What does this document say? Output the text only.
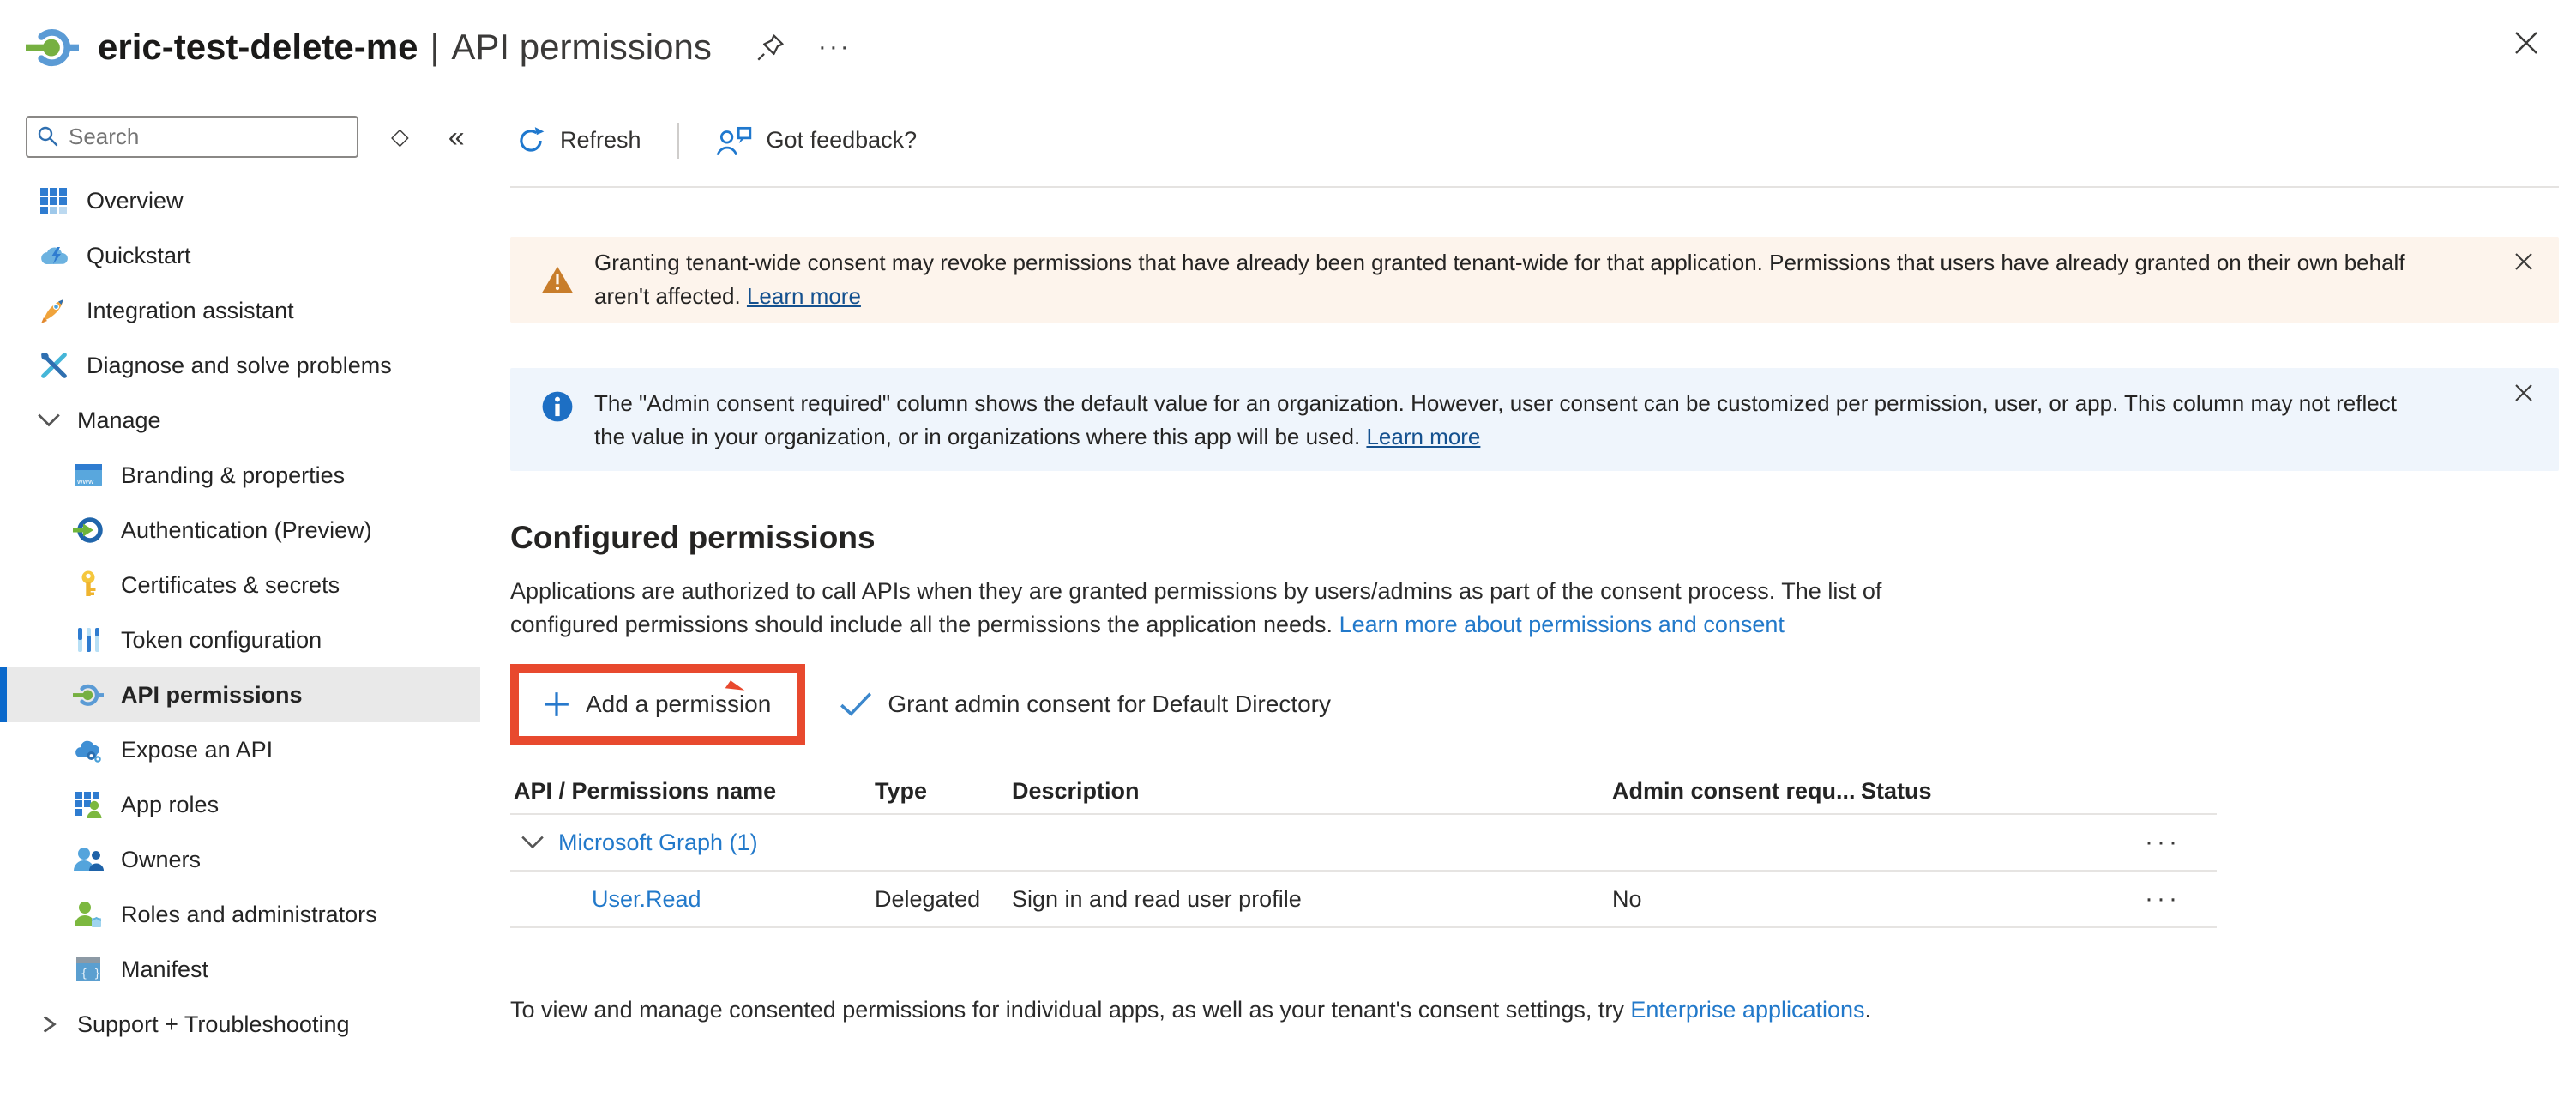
eric-test-delete-me | API permissions	···
Search
◇ «
Overview
Quickstart
Integration assistant
Diagnose and solve problems
Manage
www Branding & properties
Authentication (Preview)
Certificates & secrets
Token configuration
API permissions
Expose an API
App roles
Owners
Roles and administrators
{ } Manifest
Support + Troubleshooting
Refresh	Got feedback?
Granting tenant-wide consent may revoke permissions that have already been granted tenant-wide for that application. Permissions that users have already granted on their own behalf aren't affected. Learn more
The "Admin consent required" column shows the default value for an organization. However, user consent can be customized per permission, user, or app. This column may not reflect the value in your organization, or in organizations where this app will be used. Learn more
Configured permissions

Applications are authorized to call APIs when they are granted permissions by users/admins as part of the consent process. The list of configured permissions should include all the permissions the application needs. Learn more about permissions and consent

Add a permission	Grant admin consent for Default Directory
API / Permissions name	Type	Description	Admin consent requ... Status
Microsoft Graph (1)	···
User.Read	Delegated	Sign in and read user profile	No	···

To view and manage consented permissions for individual apps, as well as your tenant's consent settings, try Enterprise applications.
